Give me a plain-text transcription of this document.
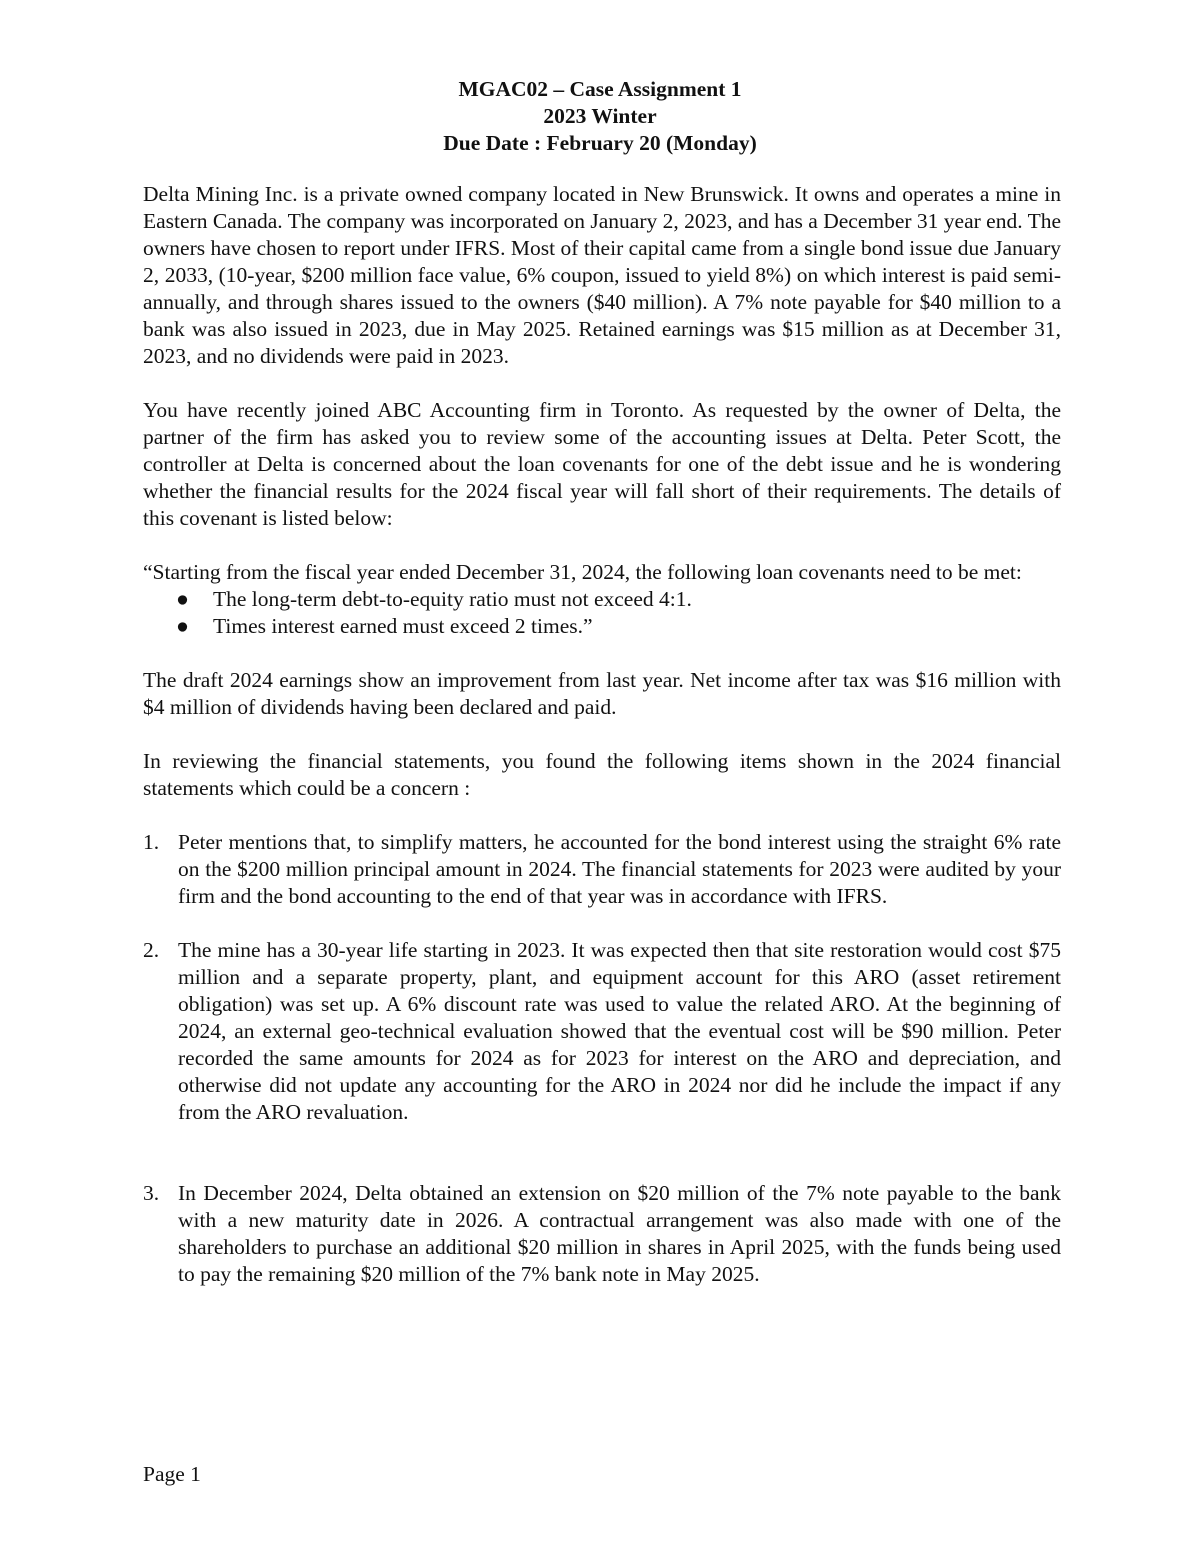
MGAC02 – Case Assignment 1
2023 Winter
Due Date : February 20 (Monday)

Delta Mining Inc. is a private owned company located in New Brunswick. It owns and operates a mine in Eastern Canada. The company was incorporated on January 2, 2023, and has a December 31 year end. The owners have chosen to report under IFRS. Most of their capital came from a single bond issue due January 2, 2033, (10-year, $200 million face value, 6% coupon, issued to yield 8%) on which interest is paid semi- annually, and through shares issued to the owners ($40 million). A 7% note payable for $40 million to a bank was also issued in 2023, due in May 2025. Retained earnings was $15 million as at December 31, 2023, and no dividends were paid in 2023.

You have recently joined ABC Accounting firm in Toronto. As requested by the owner of Delta, the partner of the firm has asked you to review some of the accounting issues at Delta. Peter Scott, the controller at Delta is concerned about the loan covenants for one of the debt issue and he is wondering whether the financial results for the 2024 fiscal year will fall short of their requirements. The details of this covenant is listed below:

“Starting from the fiscal year ended December 31, 2024, the following loan covenants need to be met:
● The long-term debt-to-equity ratio must not exceed 4:1.
● Times interest earned must exceed 2 times.”

The draft 2024 earnings show an improvement from last year. Net income after tax was $16 million with $4 million of dividends having been declared and paid.

In reviewing the financial statements, you found the following items shown in the 2024 financial statements which could be a concern :

1. Peter mentions that, to simplify matters, he accounted for the bond interest using the straight 6% rate on the $200 million principal amount in 2024. The financial statements for 2023 were audited by your firm and the bond accounting to the end of that year was in accordance with IFRS.
2. The mine has a 30-year life starting in 2023. It was expected then that site restoration would cost $75 million and a separate property, plant, and equipment account for this ARO (asset retirement obligation) was set up. A 6% discount rate was used to value the related ARO. At the beginning of 2024, an external geo-technical evaluation showed that the eventual cost will be $90 million. Peter recorded the same amounts for 2024 as for 2023 for interest on the ARO and depreciation, and otherwise did not update any accounting for the ARO in 2024 nor did he include the impact if any from the ARO revaluation.
3. In December 2024, Delta obtained an extension on $20 million of the 7% note payable to the bank with a new maturity date in 2026. A contractual arrangement was also made with one of the shareholders to purchase an additional $20 million in shares in April 2025, with the funds being used to pay the remaining $20 million of the 7% bank note in May 2025.
Page 1
